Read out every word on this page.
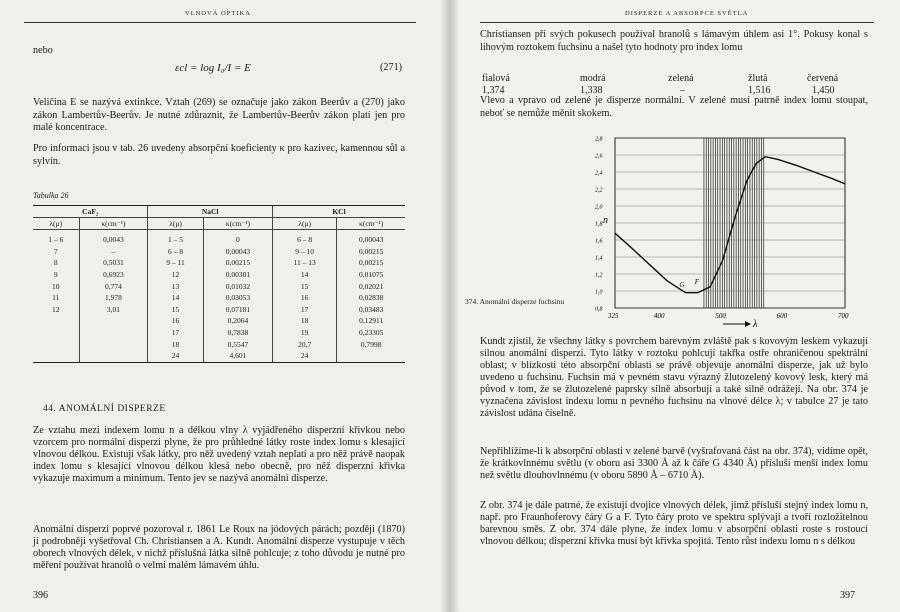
VLNOVÁ OPTIKA
nebo
εcl = log I₀/I = E	(271)
Veličina E se nazývá extinkce. Vztah (269) se označuje jako zákon Beerův a (270) jako zákon Lambertův-Beerův. Je nutné zdůraznit, že Lambertův-Beerův zákon platí jen pro malé koncentrace.
Pro informaci jsou v tab. 26 uvedeny absorpční koeficienty κ pro kazivec, kamennou sůl a sylvín.
Tabulka 26
CaF₂		NaCl		KCl	
λ(μ)	κ(cm⁻¹)	λ(μ)	κ(cm⁻¹)	λ(μ)	κ(cm⁻¹)
1 – 6	0,0043	1 – 5	0	6 – 8	0,00043
7	–	6 – 8	0,00043	9 – 10	0,00215
8	0,5031	9 – 11	0,00215	11 – 13	0,00215
9	0,6923	12	0,00301	14	0,01075
10	0,774	13	0,01032	15	0,02021
11	1,978	14	0,03053	16	0,02838
12	3,01	15	0,07181	17	0,03483
		16	0,2064	18	0,12911
		17	0,7838	19	0,23305
		18	0,5547	20,7	0,7998
		24	4,601	24	
44. ANOMÁLNÍ DISPERZE
Ze vztahu mezi indexem lomu n a délkou vlny λ vyjádřeného disperzní křivkou nebo vzorcem pro normální disperzi plyne, že pro průhledné látky roste index lomu s klesající vlnovou délkou. Existují však látky, pro něž uvedený vztah neplatí a pro něž právě naopak index lomu s klesající vlnovou délkou klesá nebo obecně, pro něž disperzní křivka vykazuje maximum a minimum. Tento jev se nazývá anomální disperze.
Anomální disperzi poprvé pozoroval r. 1861 Le Roux na jódových párách; později (1870) ji podrobněji vyšetřoval Ch. Christiansen a A. Kundt. Anomální disperze vystupuje v těch oborech vlnových délek, v nichž příslušná látka silně pohlcuje; z toho důvodu je nutné pro měření používat hranolů o velmi malém lámavém úhlu.
396
DISPERZE A ABSORPCE SVĚTLA
Christiansen při svých pokusech používal hranolů s lámavým úhlem asi 1°. Pokusy konal s lihovým roztokem fuchsinu a našel tyto hodnoty pro index lomu
Vlevo a vpravo od zelené je disperze normální. V zelené musí patrně index lomu stoupat, neboť se nemůže měnit skokem.
374. Anomální disperze fuchsinu
Kundt zjistil, že všechny látky s povrchem barevným zvláště pak s kovovým leskem vykazují silnou anomální disperzi. Tyto látky v roztoku pohlcují takřka ostře ohraničenou spektrální oblast; v blízkosti této absorpční oblasti se právě objevuje anomální disperze, jak už bylo uvedeno u fuchsinu. Fuchsin má v pevném stavu výrazný žlutozelený kovový lesk, který má původ v tom, že se žlutozelené paprsky silně absorbují a také silně odrážejí. Na obr. 374 je vyznačena závislost indexu lomu n pevného fuchsinu na vlnové délce λ; v tabulce 27 je tato závislost udána číselně.
Nepřihlížíme-li k absorpční oblasti v zelené barvě (vyšrafovaná část na obr. 374), vidíme opět, že krátkovlnnému světlu (v oboru asi 3300 Å až k čáře G 4340 Å) přísluší menší index lomu než světlu dlouhovlnnému (v oboru 5890 Å – 6710 Å).
Z obr. 374 je dále patrné, že existují dvojice vlnových délek, jimž přísluší stejný index lomu n, např. pro Fraunhoferovy čáry G a F. Tyto čáry proto ve spektru splývají a tvoří rozložitelnou barevnou směs. Z obr. 374 dále plyne, že index lomu v absorpční oblasti roste s rostoucí vlnovou délkou; disperzní křivka musí být křivka spojitá. Tento růst indexu lomu n s délkou
397
fialová	modrá	zelená	žlutá	červená
1,374	1,338	–	1,516	1,450
0,8
1,0
1,2
1,4
1,6
1,8
2,0
2,2
2,4
2,6
2,8
325	400	500	600	700
n
λ
G F
